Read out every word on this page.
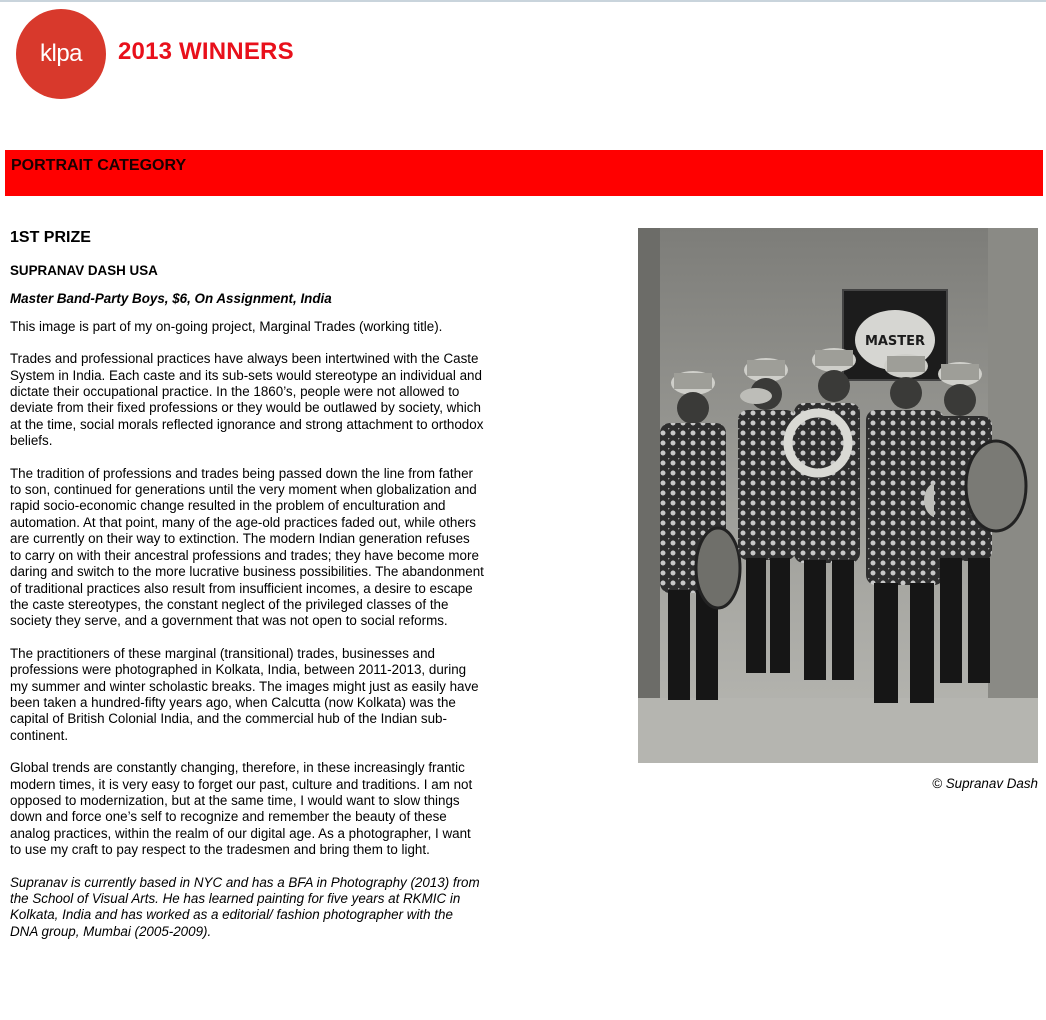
klpa 2013 WINNERS
PORTRAIT CATEGORY
1ST PRIZE

SUPRANAV DASH USA

Master Band-Party Boys, $6, On Assignment, India

This image is part of my on-going project, Marginal Trades (working title).

Trades and professional practices have always been intertwined with the Caste System in India. Each caste and its sub-sets would stereotype an individual and dictate their occupational practice. In the 1860’s, people were not allowed to deviate from their fixed professions or they would be outlawed by society, which at the time, social morals reflected ignorance and strong attachment to orthodox beliefs.

The tradition of professions and trades being passed down the line from father to son, continued for generations until the very moment when globalization and rapid socio-economic change resulted in the problem of enculturation and automation. At that point, many of the age-old practices faded out, while others are currently on their way to extinction. The modern Indian generation refuses to carry on with their ancestral professions and trades; they have become more daring and switch to the more lucrative business possibilities. The abandonment of traditional practices also result from insufficient incomes, a desire to escape the caste stereotypes, the constant neglect of the privileged classes of the society they serve, and a government that was not open to social reforms.

The practitioners of these marginal (transitional) trades, businesses and professions were photographed in Kolkata, India, between 2011-2013, during my summer and winter scholastic breaks. The images might just as easily have been taken a hundred-fifty years ago, when Calcutta (now Kolkata) was the capital of British Colonial India, and the commercial hub of the Indian sub-continent.

Global trends are constantly changing, therefore, in these increasingly frantic modern times, it is very easy to forget our past, culture and traditions. I am not opposed to modernization, but at the same time, I would want to slow things down and force one’s self to recognize and remember the beauty of these analog practices, within the realm of our digital age. As a photographer, I want to use my craft to pay respect to the tradesmen and bring them to light.

Supranav is currently based in NYC and has a BFA in Photography (2013) from the School of Visual Arts. He has learned painting for five years at RKMIC in Kolkata, India and has worked as a editorial/ fashion photographer with the DNA group, Mumbai (2005-2009).

MASTER
© Supranav Dash
